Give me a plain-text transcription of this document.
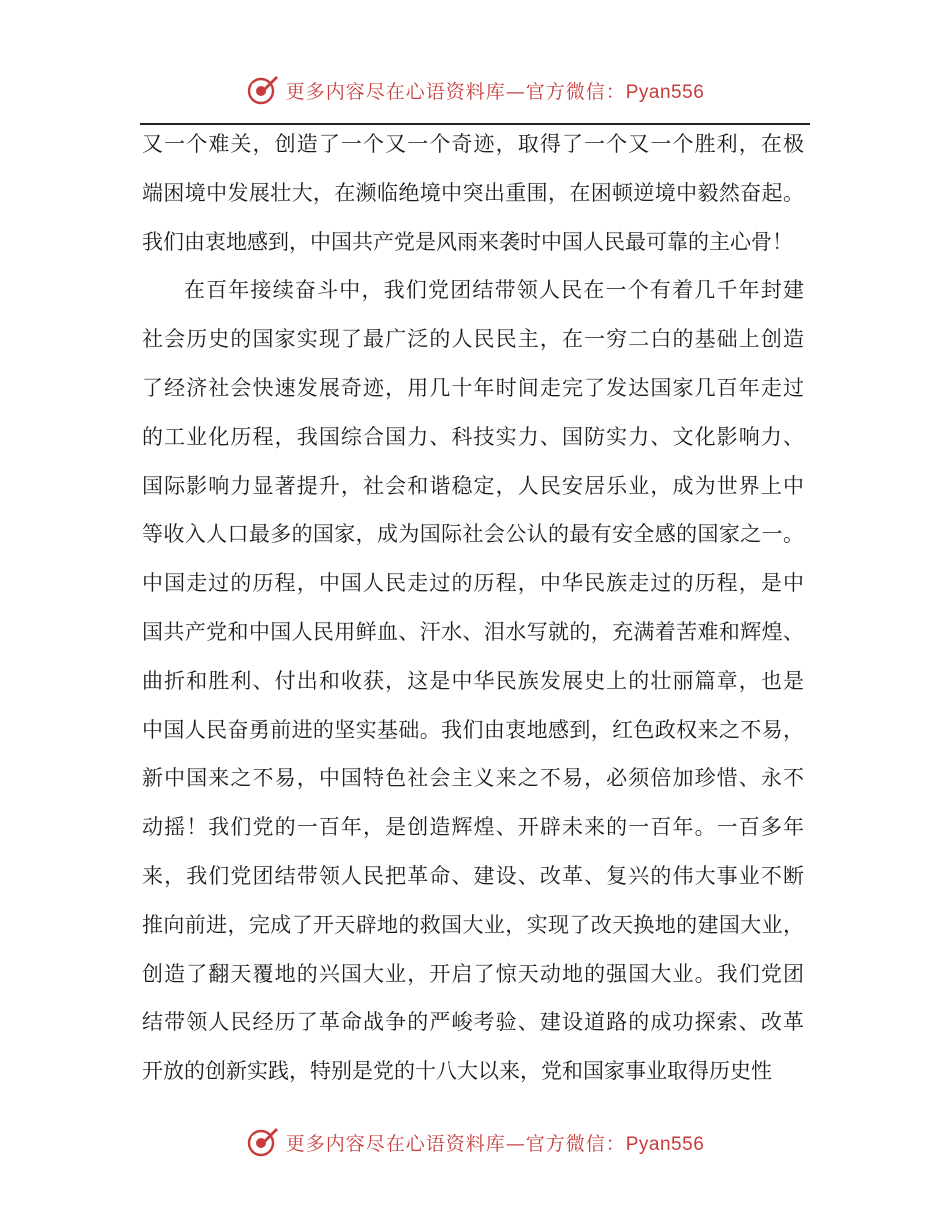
更多内容尽在心语资料库—官方微信：Pyan556
又一个难关，创造了一个又一个奇迹，取得了一个又一个胜利，在极
端困境中发展壮大，在濒临绝境中突出重围，在困顿逆境中毅然奋起。
我们由衷地感到，中国共产党是风雨来袭时中国人民最可靠的主心骨！
在百年接续奋斗中，我们党团结带领人民在一个有着几千年封建
社会历史的国家实现了最广泛的人民民主，在一穷二白的基础上创造
了经济社会快速发展奇迹，用几十年时间走完了发达国家几百年走过
的工业化历程，我国综合国力、科技实力、国防实力、文化影响力、
国际影响力显著提升，社会和谐稳定，人民安居乐业，成为世界上中
等收入人口最多的国家，成为国际社会公认的最有安全感的国家之一。
中国走过的历程，中国人民走过的历程，中华民族走过的历程，是中
国共产党和中国人民用鲜血、汗水、泪水写就的，充满着苦难和辉煌、
曲折和胜利、付出和收获，这是中华民族发展史上的壮丽篇章，也是
中国人民奋勇前进的坚实基础。我们由衷地感到，红色政权来之不易，
新中国来之不易，中国特色社会主义来之不易，必须倍加珍惜、永不
动摇！我们党的一百年，是创造辉煌、开辟未来的一百年。一百多年
来，我们党团结带领人民把革命、建设、改革、复兴的伟大事业不断
推向前进，完成了开天辟地的救国大业，实现了改天换地的建国大业，
创造了翻天覆地的兴国大业，开启了惊天动地的强国大业。我们党团
结带领人民经历了革命战争的严峻考验、建设道路的成功探索、改革
开放的创新实践，特别是党的十八大以来，党和国家事业取得历史性
更多内容尽在心语资料库—官方微信：Pyan556
